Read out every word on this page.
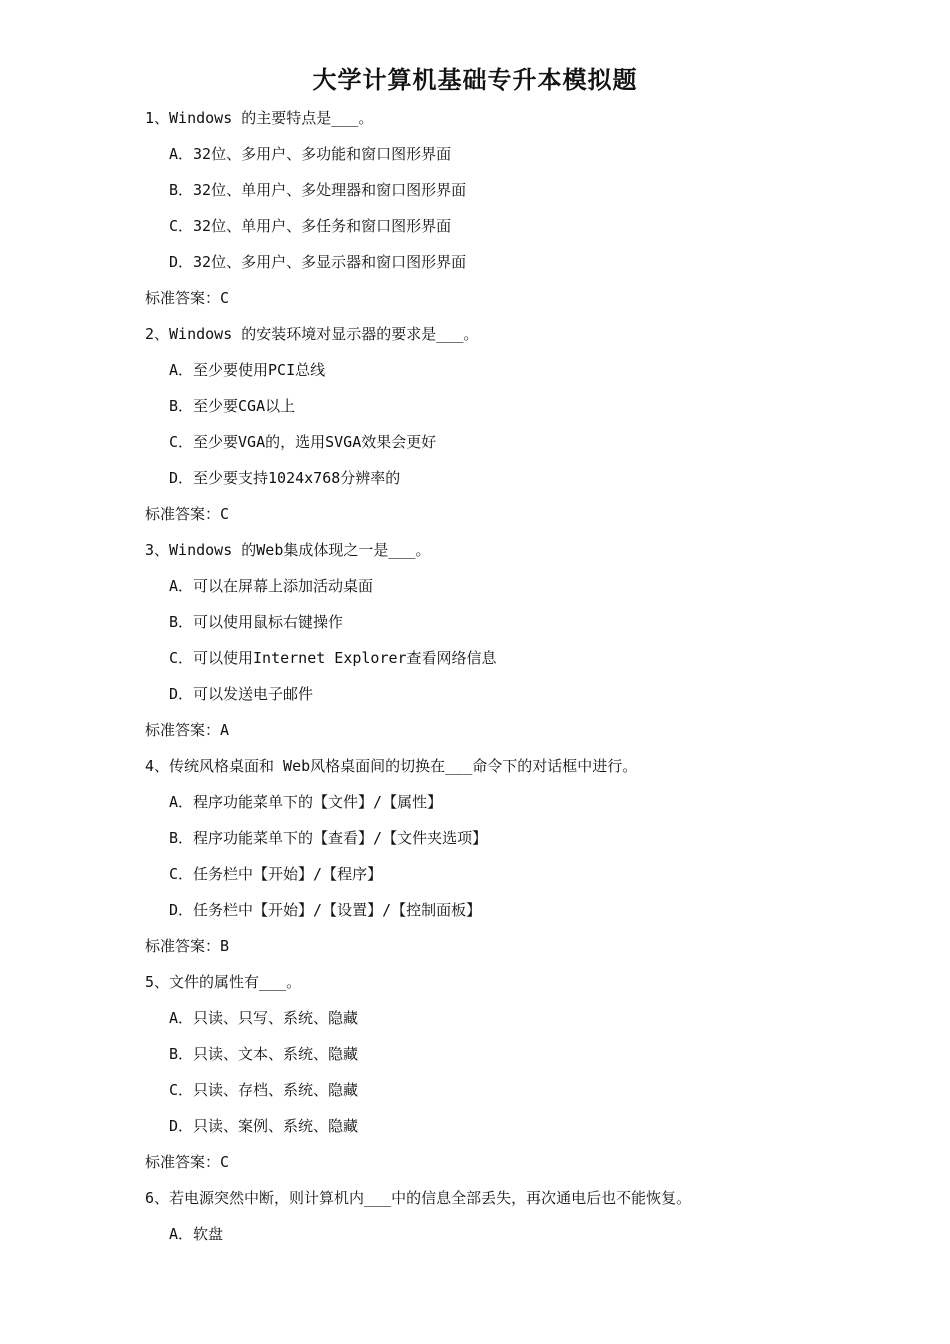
大学计算机基础专升本模拟题
1、Windows 的主要特点是___。
A．32位、多用户、多功能和窗口图形界面
B．32位、单用户、多处理器和窗口图形界面
C．32位、单用户、多任务和窗口图形界面
D．32位、多用户、多显示器和窗口图形界面
标准答案：C
2、Windows 的安装环境对显示器的要求是___。
A．至少要使用PCI总线
B．至少要CGA以上
C．至少要VGA的，选用SVGA效果会更好
D．至少要支持1024x768分辨率的
标准答案：C
3、Windows 的Web集成体现之一是___。
A．可以在屏幕上添加活动桌面
B．可以使用鼠标右键操作
C．可以使用Internet Explorer查看网络信息
D．可以发送电子邮件
标准答案：A
4、传统风格桌面和 Web风格桌面间的切换在___命令下的对话框中进行。
A．程序功能菜单下的【文件】/【属性】
B．程序功能菜单下的【查看】/【文件夹选项】
C．任务栏中【开始】/【程序】
D．任务栏中【开始】/【设置】/【控制面板】
标准答案：B
5、文件的属性有___。
A．只读、只写、系统、隐藏
B．只读、文本、系统、隐藏
C．只读、存档、系统、隐藏
D．只读、案例、系统、隐藏
标准答案：C
6、若电源突然中断，则计算机内___中的信息全部丢失，再次通电后也不能恢复。
A．软盘
